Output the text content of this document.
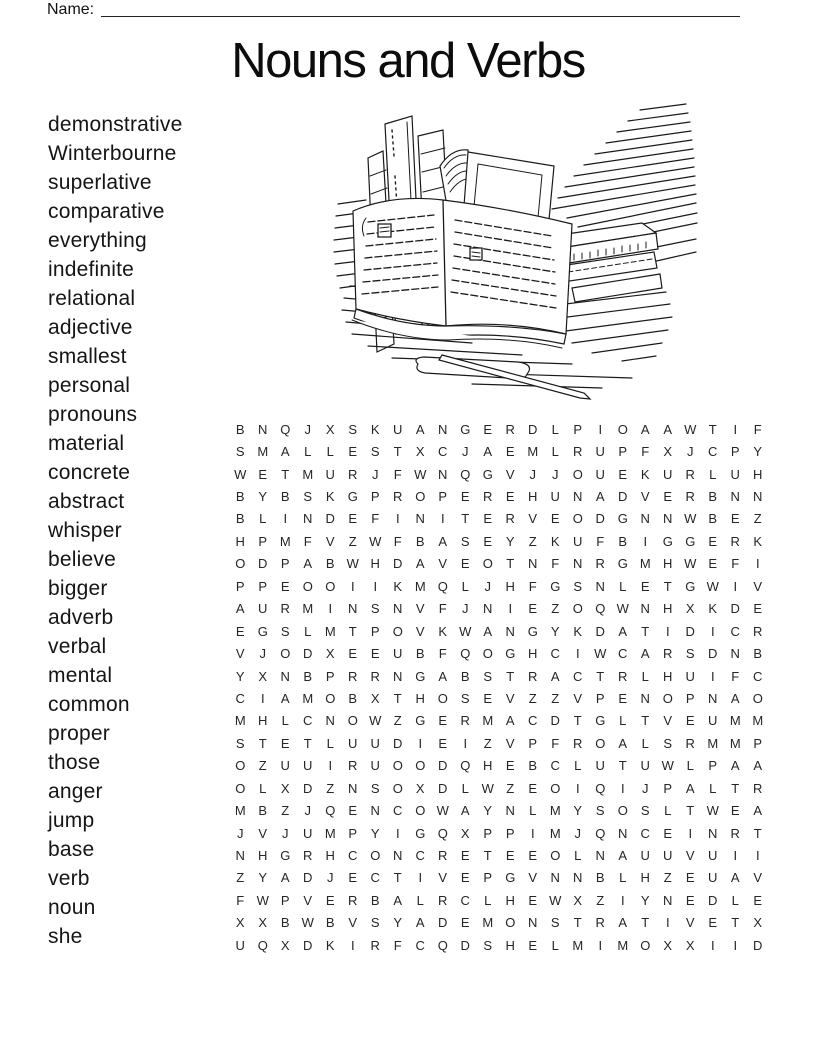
Name:
Nouns and Verbs
demonstrative
Winterbourne
superlative
comparative
everything
indefinite
relational
adjective
smallest
personal
pronouns
material
concrete
abstract
whisper
believe
bigger
adverb
verbal
mental
common
proper
those
anger
jump
base
verb
noun
she
B	N Q	J	X	S	K	U	A	N G	E	R	D	L	P	I	O	A	A W T	I	F
S M A	L	L	E	S	T	X	C	J	A	E M	L	R	U	P	F	X	J	C	P	Y
W E	T	M U	R	J	F W N Q G	V	J	J	O U	E	K	U	R	L	U	H
B	Y	B	S	K	G	P	R O	P	E	R	E	H	U	N	A	D	V	E	R	B	N	N
B	L	I	N	D	E	F	I	N	I	T	E	R	V	E	O D G N	N W B	E	Z
H	P M	F	V	Z W F	B	A	S	E	Y	Z	K	U	F	B	I	G G	E	R	K
O D	P	A	B W H	D	A	V	E	O	T	N	F	N	R G M H W E	F	I
P	P	E	O O	I	I	K M Q	L	J	H	F	G	S	N	L	E	T	G W	I	V
A	U	R M	I	N	S	N	V	F	J	N	I	E	Z	O Q W N	H	X	K	D	E
E	G	S	L	M	T	P	O	V	K W A	N G	Y	K	D	A	T	I	D	I	C	R
V	J	O D	X	E	E	U	B	F	Q O G H	C	I	W C	A	R	S	D	N	B
Y	X	N	B	P	R	R	N G	A	B	S	T	R	A	C	T	R	L	H	U	I	F	C
C	I	A M O	B	X	T	H O	S	E	V	Z	Z	V	P	E	N O	P	N	A	O
M H	L	C	N O W Z	G	E	R M A	C	D	T	G	L	T	V	E	U M M
S	T	E	T	L	U	U	D	I	E	I	Z	V	P	F	R O	A	L	S	R M M P
O	Z	U	U	I	R	U O O D Q H	E	B	C	L	U	T	U W L	P	A	A
O	L	X	D	Z	N	S	O	X	D	L W Z	E	O	I	Q	I	J	P	A	L	T	R
M B	Z	J	Q	E	N	C O W A	Y	N	L	M Y	S	O	S	L	T W E	A
J	V	J	U M P	Y	I	G Q	X	P	P	I	M	J	Q N	C	E	I	N	R	T
N	H G R	H	C O N	C	R	E	T	E	E	O	L	N	A	U	U	V	U	I	I
Z	Y	A	D	J	E	C	T	I	V	E	P	G	V	N	N	B	L	H	Z	E	U	A	V
F W P	V	E	R	B	A	L	R	C	L	H	E W X	Z	I	Y	N	E	D	L	E
X	X	B W B	V	S	Y	A	D	E M O N	S	T	R	A	T	I	V	E	T	X
U Q	X	D	K	I	R	F	C Q D	S	H	E	L	M	I	M O	X	X	I	I	D
